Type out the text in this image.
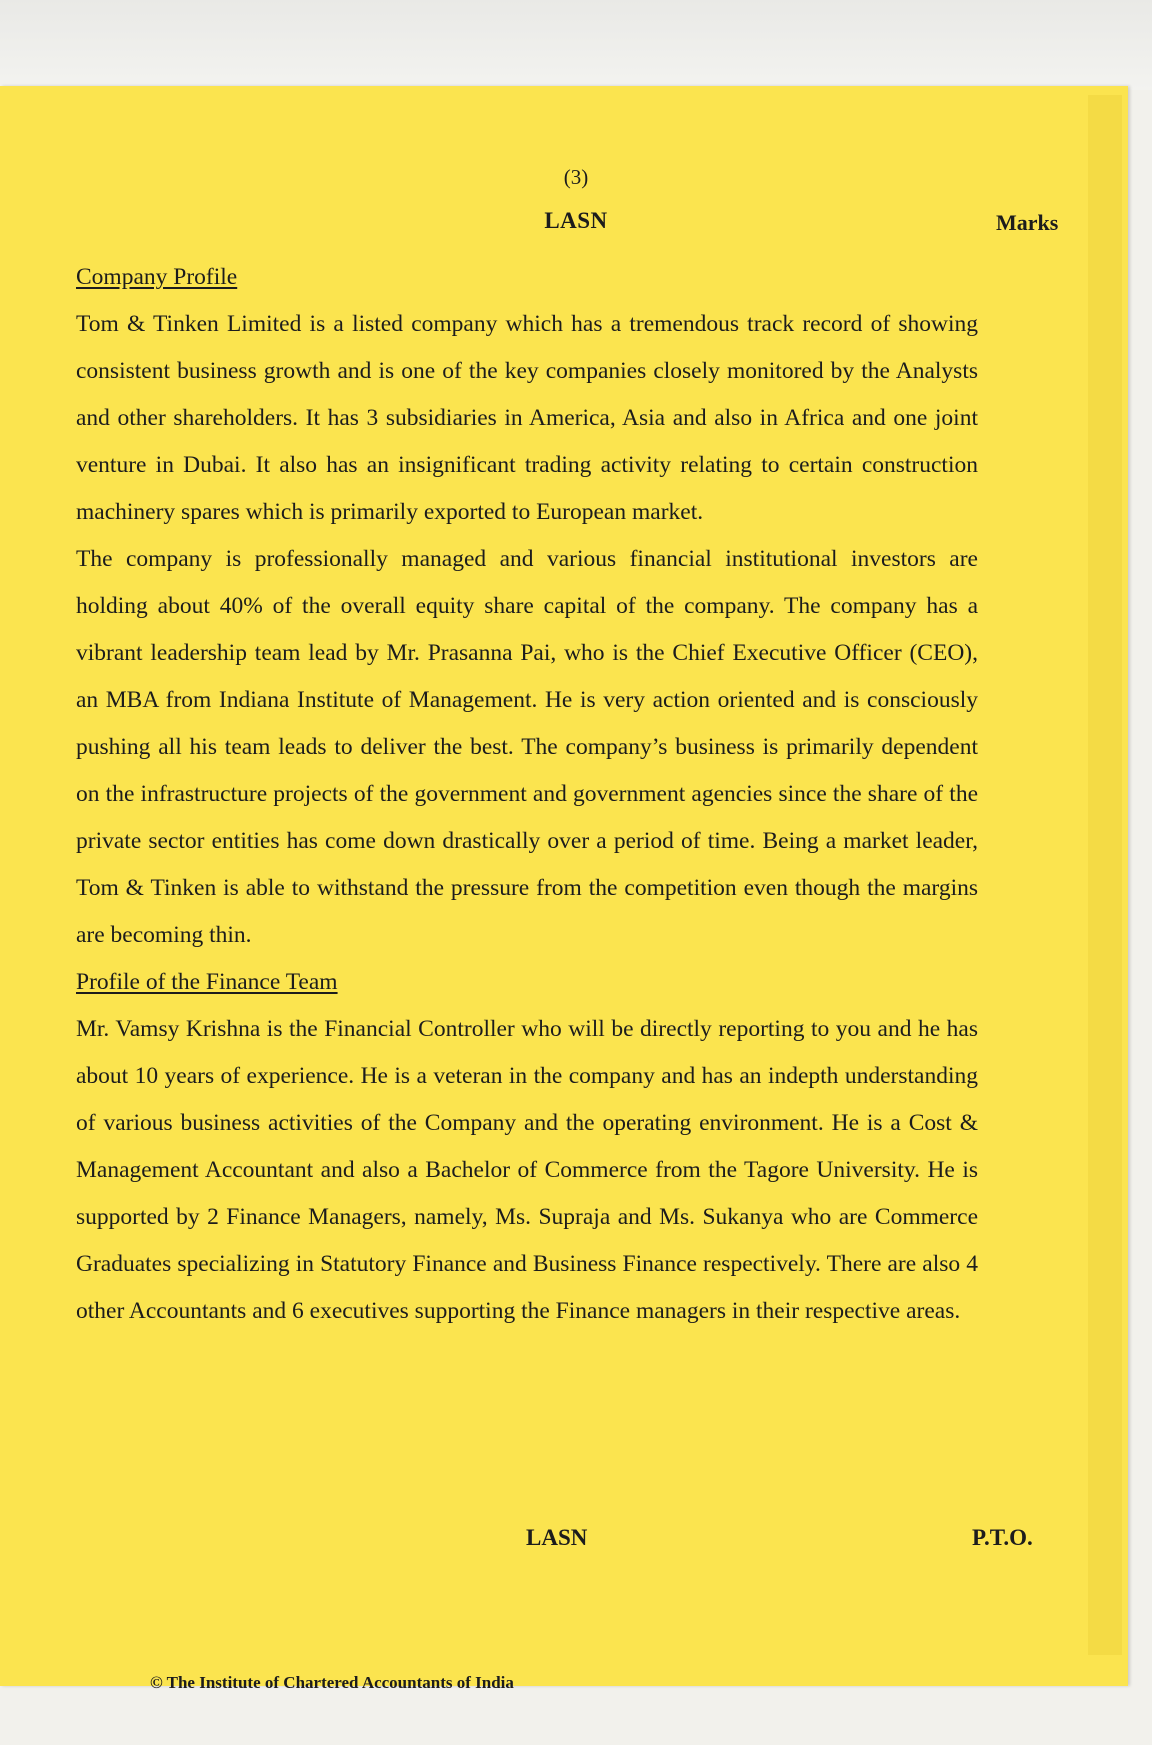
(3)
LASN	Marks
Company Profile

Tom & Tinken Limited is a listed company which has a tremendous track record of showing consistent business growth and is one of the key companies closely monitored by the Analysts and other shareholders. It has 3 subsidiaries in America, Asia and also in Africa and one joint venture in Dubai. It also has an insignificant trading activity relating to certain construction machinery spares which is primarily exported to European market.

The company is professionally managed and various financial institutional investors are holding about 40% of the overall equity share capital of the company. The company has a vibrant leadership team lead by Mr. Prasanna Pai, who is the Chief Executive Officer (CEO), an MBA from Indiana Institute of Management. He is very action oriented and is consciously pushing all his team leads to deliver the best. The company’s business is primarily dependent on the infrastructure projects of the government and government agencies since the share of the private sector entities has come down drastically over a period of time. Being a market leader, Tom & Tinken is able to withstand the pressure from the competition even though the margins are becoming thin.

Profile of the Finance Team

Mr. Vamsy Krishna is the Financial Controller who will be directly reporting to you and he has about 10 years of experience. He is a veteran in the company and has an indepth understanding of various business activities of the Company and the operating environment. He is a Cost & Management Accountant and also a Bachelor of Commerce from the Tagore University. He is supported by 2 Finance Managers, namely, Ms. Supraja and Ms. Sukanya who are Commerce Graduates specializing in Statutory Finance and Business Finance respectively. There are also 4 other Accountants and 6 executives supporting the Finance managers in their respective areas.

LASN	P.T.O.
© The Institute of Chartered Accountants of India
